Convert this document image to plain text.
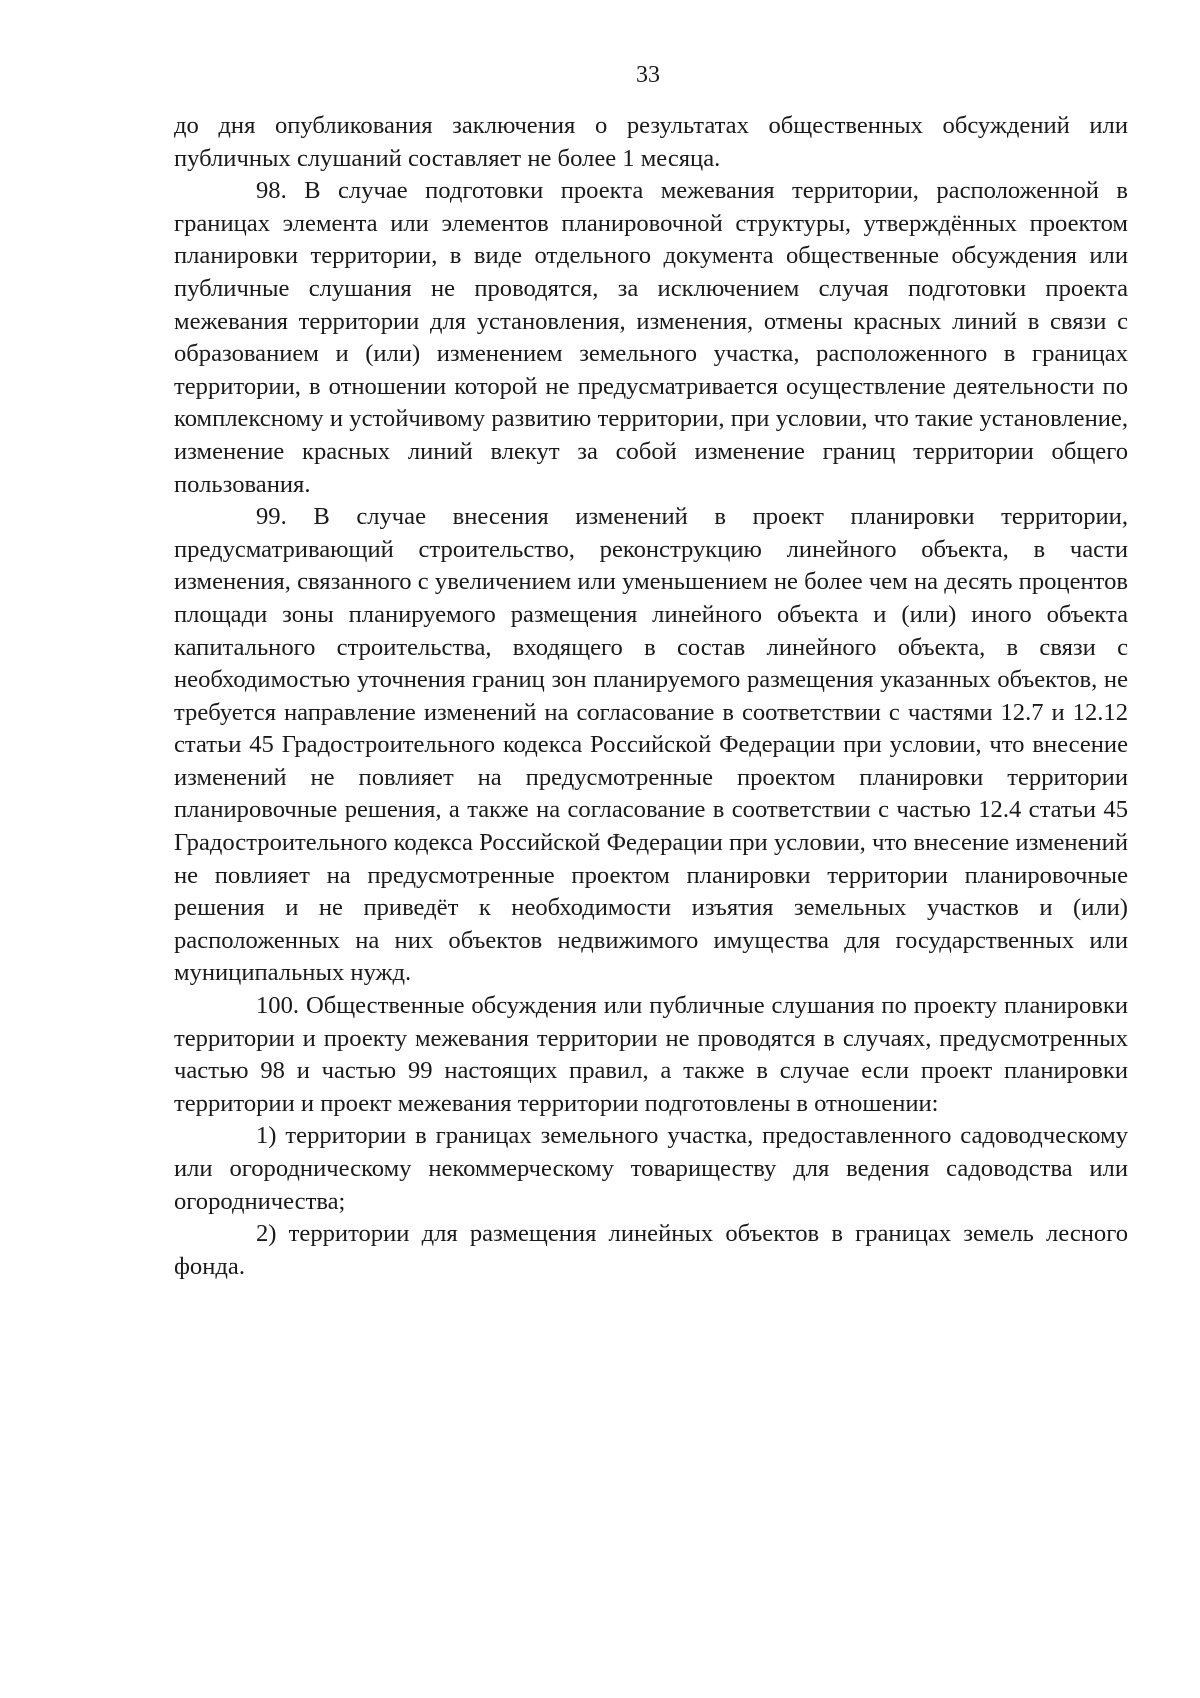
33

до дня опубликования заключения о результатах общественных обсуждений или публичных слушаний составляет не более 1 месяца.

98. В случае подготовки проекта межевания территории, расположенной в границах элемента или элементов планировочной структуры, утверждённых проектом планировки территории, в виде отдельного документа общественные обсуждения или публичные слушания не проводятся, за исключением случая подготовки проекта межевания территории для установления, изменения, отмены красных линий в связи с образованием и (или) изменением земельного участка, расположенного в границах территории, в отношении которой не предусматривается осуществление деятельности по комплексному и устойчивому развитию территории, при условии, что такие установление, изменение красных линий влекут за собой изменение границ территории общего пользования.

99. В случае внесения изменений в проект планировки территории, предусматривающий строительство, реконструкцию линейного объекта, в части изменения, связанного с увеличением или уменьшением не более чем на десять процентов площади зоны планируемого размещения линейного объекта и (или) иного объекта капитального строительства, входящего в состав линейного объекта, в связи с необходимостью уточнения границ зон планируемого размещения указанных объектов, не требуется направление изменений на согласование в соответствии с частями 12.7 и 12.12 статьи 45 Градостроительного кодекса Российской Федерации при условии, что внесение изменений не повлияет на предусмотренные проектом планировки территории планировочные решения, а также на согласование в соответствии с частью 12.4 статьи 45 Градостроительного кодекса Российской Федерации при условии, что внесение изменений не повлияет на предусмотренные проектом планировки территории планировочные решения и не приведёт к необходимости изъятия земельных участков и (или) расположенных на них объектов недвижимого имущества для государственных или муниципальных нужд.

100. Общественные обсуждения или публичные слушания по проекту планировки территории и проекту межевания территории не проводятся в случаях, предусмотренных частью 98 и частью 99 настоящих правил, а также в случае если проект планировки территории и проект межевания территории подготовлены в отношении:

1) территории в границах земельного участка, предоставленного садоводческому или огородническому некоммерческому товариществу для ведения садоводства или огородничества;

2) территории для размещения линейных объектов в границах земель лесного фонда.
